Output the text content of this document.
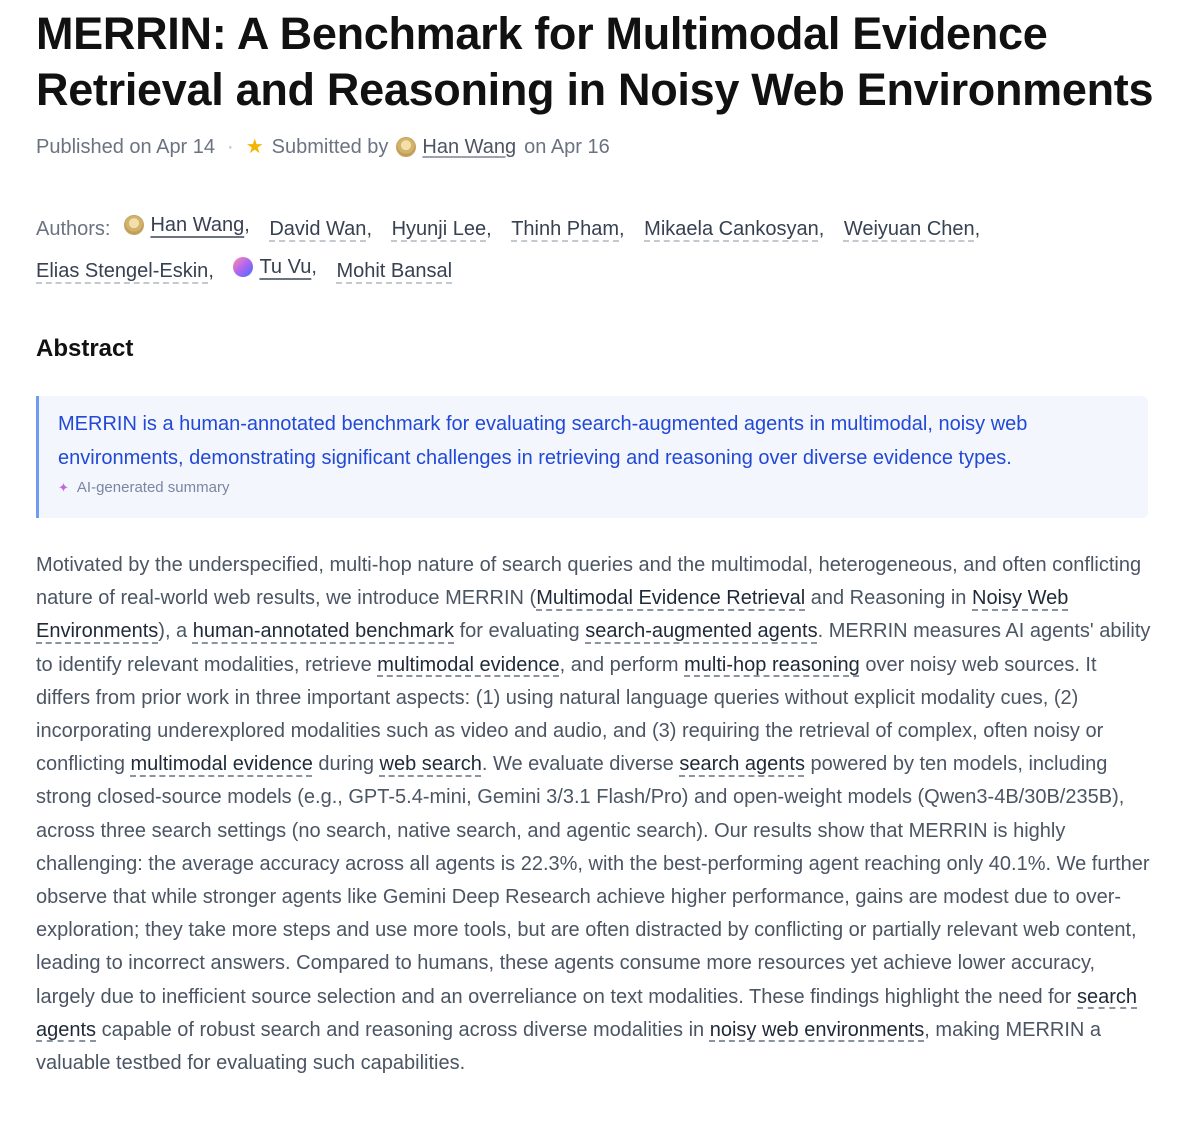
MERRIN: A Benchmark for Multimodal Evidence Retrieval and Reasoning in Noisy Web Environments
Published on Apr 14 · ★ Submitted by Han Wang on Apr 16
Authors: Han Wang ,
David Wan ,
Hyunji Lee ,
Thinh Pham ,
Mikaela Cankosyan ,
Weiyuan Chen ,

Elias Stengel-Eskin ,
Tu Vu ,
Mohit Bansal
Abstract

MERRIN is a human-annotated benchmark for evaluating search-augmented agents in multimodal, noisy web environments, demonstrating significant challenges in retrieving and reasoning over diverse evidence types.

✦ AI-generated summary

Motivated by the underspecified, multi-hop nature of search queries and the multimodal, heterogeneous, and often conflicting nature of real-world web results, we introduce MERRIN (Multimodal Evidence Retrieval and Reasoning in Noisy Web Environments), a human-annotated benchmark for evaluating search-augmented agents. MERRIN measures AI agents' ability to identify relevant modalities, retrieve multimodal evidence, and perform multi-hop reasoning over noisy web sources. It differs from prior work in three important aspects: (1) using natural language queries without explicit modality cues, (2) incorporating underexplored modalities such as video and audio, and (3) requiring the retrieval of complex, often noisy or conflicting multimodal evidence during web search. We evaluate diverse search agents powered by ten models, including strong closed-source models (e.g., GPT-5.4-mini, Gemini 3/3.1 Flash/Pro) and open-weight models (Qwen3-4B/30B/235B), across three search settings (no search, native search, and agentic search). Our results show that MERRIN is highly challenging: the average accuracy across all agents is 22.3%, with the best-performing agent reaching only 40.1%. We further observe that while stronger agents like Gemini Deep Research achieve higher performance, gains are modest due to over-exploration; they take more steps and use more tools, but are often distracted by conflicting or partially relevant web content, leading to incorrect answers. Compared to humans, these agents consume more resources yet achieve lower accuracy, largely due to inefficient source selection and an overreliance on text modalities. These findings highlight the need for search agents capable of robust search and reasoning across diverse modalities in noisy web environments, making MERRIN a valuable testbed for evaluating such capabilities.
